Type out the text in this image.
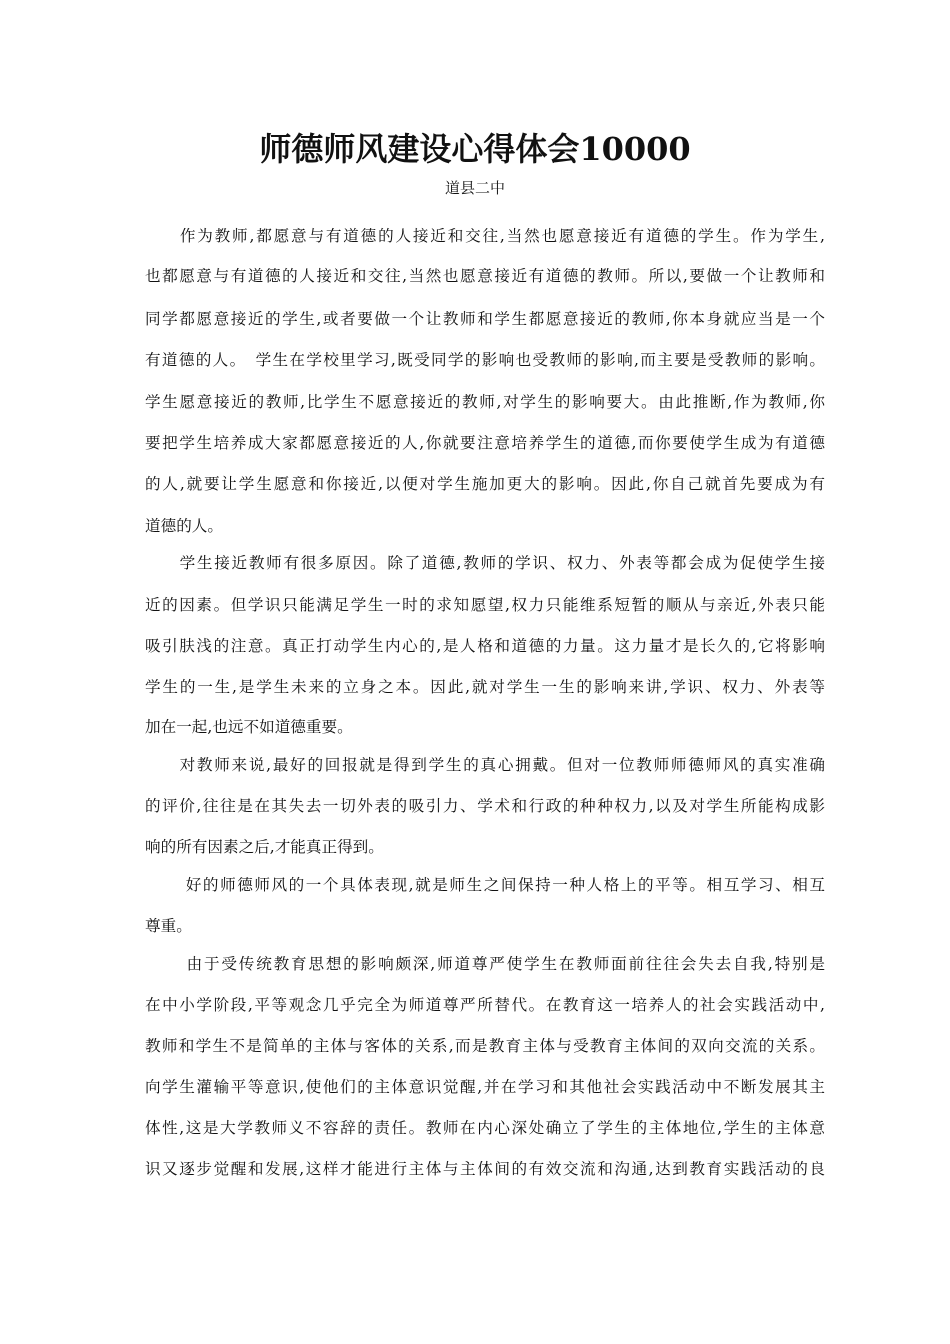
师德师风建设心得体会10000

道县二中

　　作为教师,都愿意与有道德的人接近和交往,当然也愿意接近有道德的学生。作为学生,

也都愿意与有道德的人接近和交往,当然也愿意接近有道德的教师。所以,要做一个让教师和

同学都愿意接近的学生,或者要做一个让教师和学生都愿意接近的教师,你本身就应当是一个

有道德的人。　学生在学校里学习,既受同学的影响也受教师的影响,而主要是受教师的影响。

学生愿意接近的教师,比学生不愿意接近的教师,对学生的影响要大。由此推断,作为教师,你

要把学生培养成大家都愿意接近的人,你就要注意培养学生的道德,而你要使学生成为有道德

的人,就要让学生愿意和你接近,以便对学生施加更大的影响。因此,你自己就首先要成为有

道德的人。

　　学生接近教师有很多原因。除了道德,教师的学识、权力、外表等都会成为促使学生接

近的因素。但学识只能满足学生一时的求知愿望,权力只能维系短暂的顺从与亲近,外表只能

吸引肤浅的注意。真正打动学生内心的,是人格和道德的力量。这力量才是长久的,它将影响

学生的一生,是学生未来的立身之本。因此,就对学生一生的影响来讲,学识、权力、外表等

加在一起,也远不如道德重要。

　　对教师来说,最好的回报就是得到学生的真心拥戴。但对一位教师师德师风的真实准确

的评价,往往是在其失去一切外表的吸引力、学术和行政的种种权力,以及对学生所能构成影

响的所有因素之后,才能真正得到。

　　 好的师德师风的一个具体表现,就是师生之间保持一种人格上的平等。相互学习、相互

尊重。

　　 由于受传统教育思想的影响颇深,师道尊严使学生在教师面前往往会失去自我,特别是

在中小学阶段,平等观念几乎完全为师道尊严所替代。在教育这一培养人的社会实践活动中,

教师和学生不是简单的主体与客体的关系,而是教育主体与受教育主体间的双向交流的关系。

向学生灌输平等意识,使他们的主体意识觉醒,并在学习和其他社会实践活动中不断发展其主

体性,这是大学教师义不容辞的责任。教师在内心深处确立了学生的主体地位,学生的主体意

识又逐步觉醒和发展,这样才能进行主体与主体间的有效交流和沟通,达到教育实践活动的良
